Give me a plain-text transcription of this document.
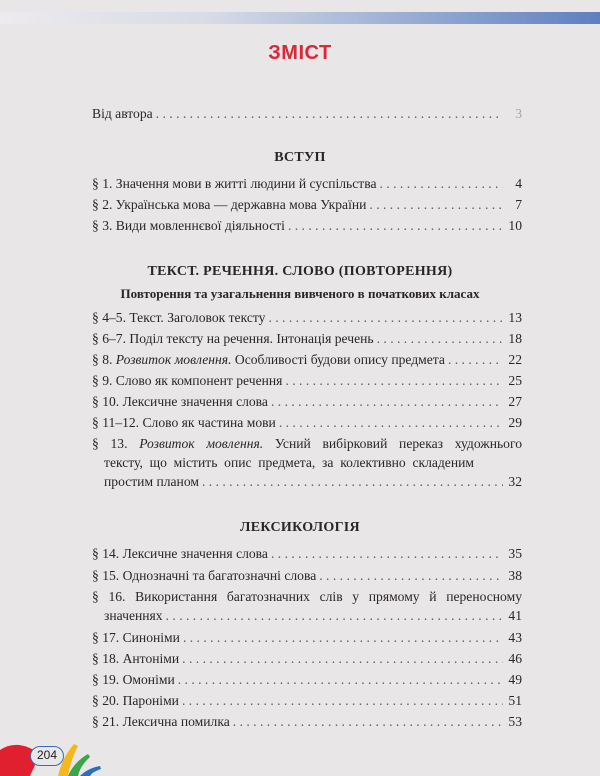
ЗМІСТ
Від автора . . .	3
ВСТУП
§ 1. Значення мови в житті людини й суспільства . . .	4
§ 2. Українська мова — державна мова України . . .	7
§ 3. Види мовленнєвої діяльності . . .	10
ТЕКСТ. РЕЧЕННЯ. СЛОВО (ПОВТОРЕННЯ)
Повторення та узагальнення вивченого в початкових класах
§ 4–5. Текст. Заголовок тексту . . .	13
§ 6–7. Поділ тексту на речення. Інтонація речень . . .	18
§ 8. Розвиток мовлення. Особливості будови опису предмета . . .	22
§ 9. Слово як компонент речення . . .	25
§ 10. Лексичне значення слова . . .	27
§ 11–12. Слово як частина мови . . .	29
§ 13. Розвиток мовлення. Усний вибірковий переказ художнього
тексту, що містить опис предмета, за колективно складеним
простим планом . . .	32
ЛЕКСИКОЛОГІЯ
§ 14. Лексичне значення слова . . .	35
§ 15. Однозначні та багатозначні слова . . .	38
§ 16. Використання багатозначних слів у прямому й переносному
значеннях . . .	41
§ 17. Синоніми . . .	43
§ 18. Антоніми . . .	46
§ 19. Омоніми . . .	49
§ 20. Пароніми . . .	51
§ 21. Лексична помилка . . .	53
204
